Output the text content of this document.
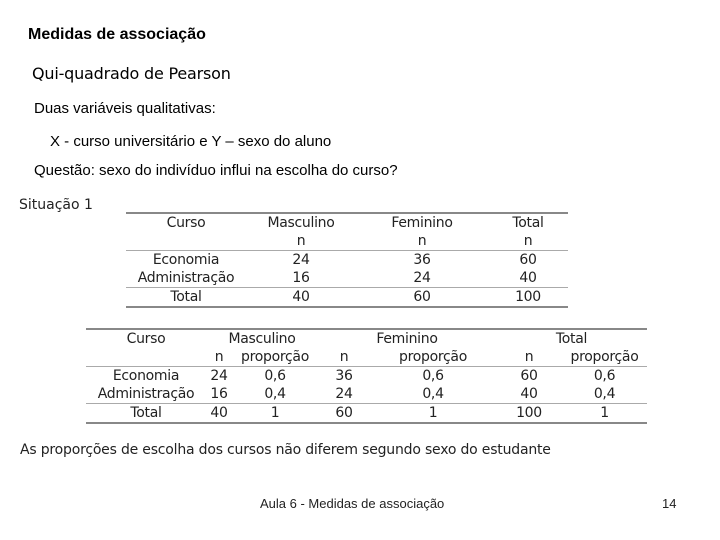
Medidas de associação
Qui-quadrado de Pearson
Duas variáveis qualitativas:
X - curso universitário e Y – sexo do aluno
Questão: sexo do indivíduo influi na escolha do curso?
Situação 1
Curso	Masculino	Feminino	Total
	n	n	n
Economia	24	36	60
Administração	16	24	40
Total	40	60	100
Curso	Masculino		Feminino		Total	
	n	proporção	n	proporção	n	proporção
Economia	24	0,6	36	0,6	60	0,6
Administração	16	0,4	24	0,4	40	0,4
Total	40	1	60	1	100	1
As proporções de escolha dos cursos não diferem segundo sexo do estudante
Aula 6 - Medidas de associação	14
